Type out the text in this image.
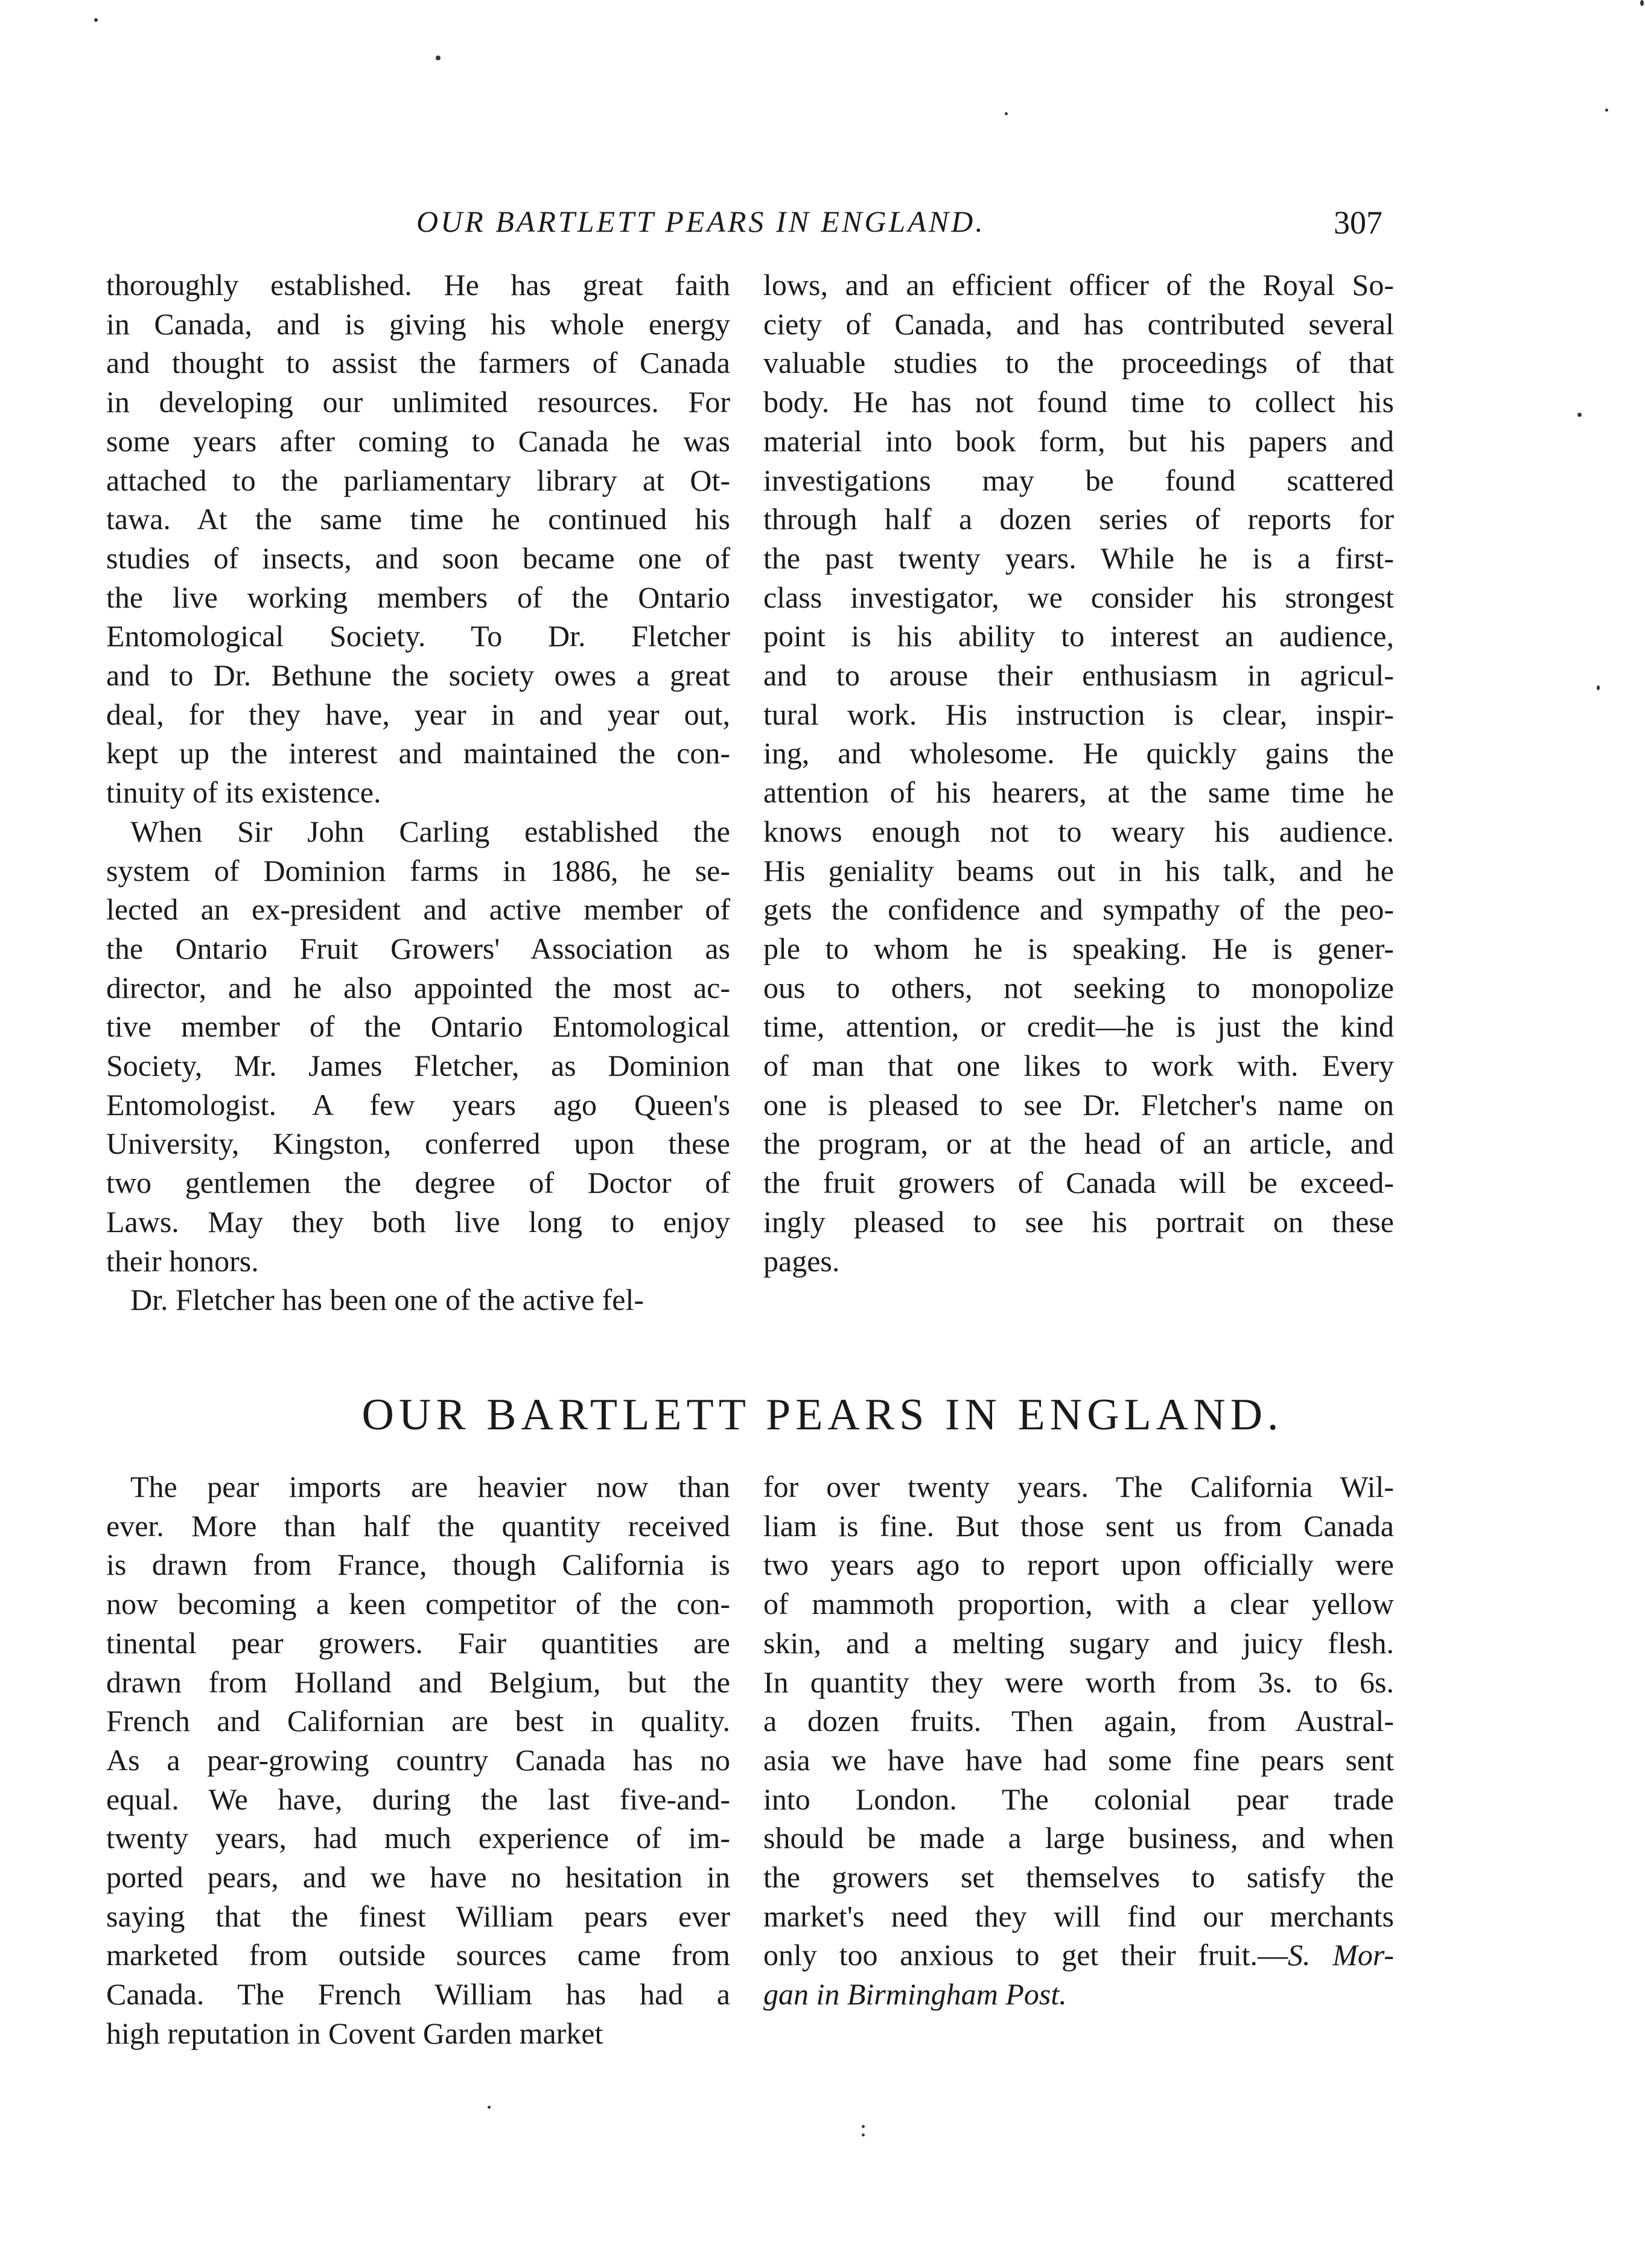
OUR BARTLETT PEARS IN ENGLAND.	307
thoroughly established. He has great faith
in Canada, and is giving his whole energy
and thought to assist the farmers of Canada
in developing our unlimited resources. For
some years after coming to Canada he was
attached to the parliamentary library at Ot-
tawa. At the same time he continued his
studies of insects, and soon became one of
the live working members of the Ontario
Entomological Society. To Dr. Fletcher
and to Dr. Bethune the society owes a great
deal, for they have, year in and year out,
kept up the interest and maintained the con-
tinuity of its existence.
When Sir John Carling established the
system of Dominion farms in 1886, he se-
lected an ex-president and active member of
the Ontario Fruit Growers' Association as
director, and he also appointed the most ac-
tive member of the Ontario Entomological
Society, Mr. James Fletcher, as Dominion
Entomologist. A few years ago Queen's
University, Kingston, conferred upon these
two gentlemen the degree of Doctor of
Laws. May they both live long to enjoy
their honors.
Dr. Fletcher has been one of the active fel-
lows, and an efficient officer of the Royal So-
ciety of Canada, and has contributed several
valuable studies to the proceedings of that
body. He has not found time to collect his
material into book form, but his papers and
investigations may be found scattered
through half a dozen series of reports for
the past twenty years. While he is a first-
class investigator, we consider his strongest
point is his ability to interest an audience,
and to arouse their enthusiasm in agricul-
tural work. His instruction is clear, inspir-
ing, and wholesome. He quickly gains the
attention of his hearers, at the same time he
knows enough not to weary his audience.
His geniality beams out in his talk, and he
gets the confidence and sympathy of the peo-
ple to whom he is speaking. He is gener-
ous to others, not seeking to monopolize
time, attention, or credit—he is just the kind
of man that one likes to work with. Every
one is pleased to see Dr. Fletcher's name on
the program, or at the head of an article, and
the fruit growers of Canada will be exceed-
ingly pleased to see his portrait on these
pages.
OUR BARTLETT PEARS IN ENGLAND.
The pear imports are heavier now than
ever. More than half the quantity received
is drawn from France, though California is
now becoming a keen competitor of the con-
tinental pear growers. Fair quantities are
drawn from Holland and Belgium, but the
French and Californian are best in quality.
As a pear-growing country Canada has no
equal. We have, during the last five-and-
twenty years, had much experience of im-
ported pears, and we have no hesitation in
saying that the finest William pears ever
marketed from outside sources came from
Canada. The French William has had a
high reputation in Covent Garden market
for over twenty years. The California Wil-
liam is fine. But those sent us from Canada
two years ago to report upon officially were
of mammoth proportion, with a clear yellow
skin, and a melting sugary and juicy flesh.
In quantity they were worth from 3s. to 6s.
a dozen fruits. Then again, from Austral-
asia we have have had some fine pears sent
into London. The colonial pear trade
should be made a large business, and when
the growers set themselves to satisfy the
market's need they will find our merchants
only too anxious to get their fruit.—S. Mor-
gan in Birmingham Post.
